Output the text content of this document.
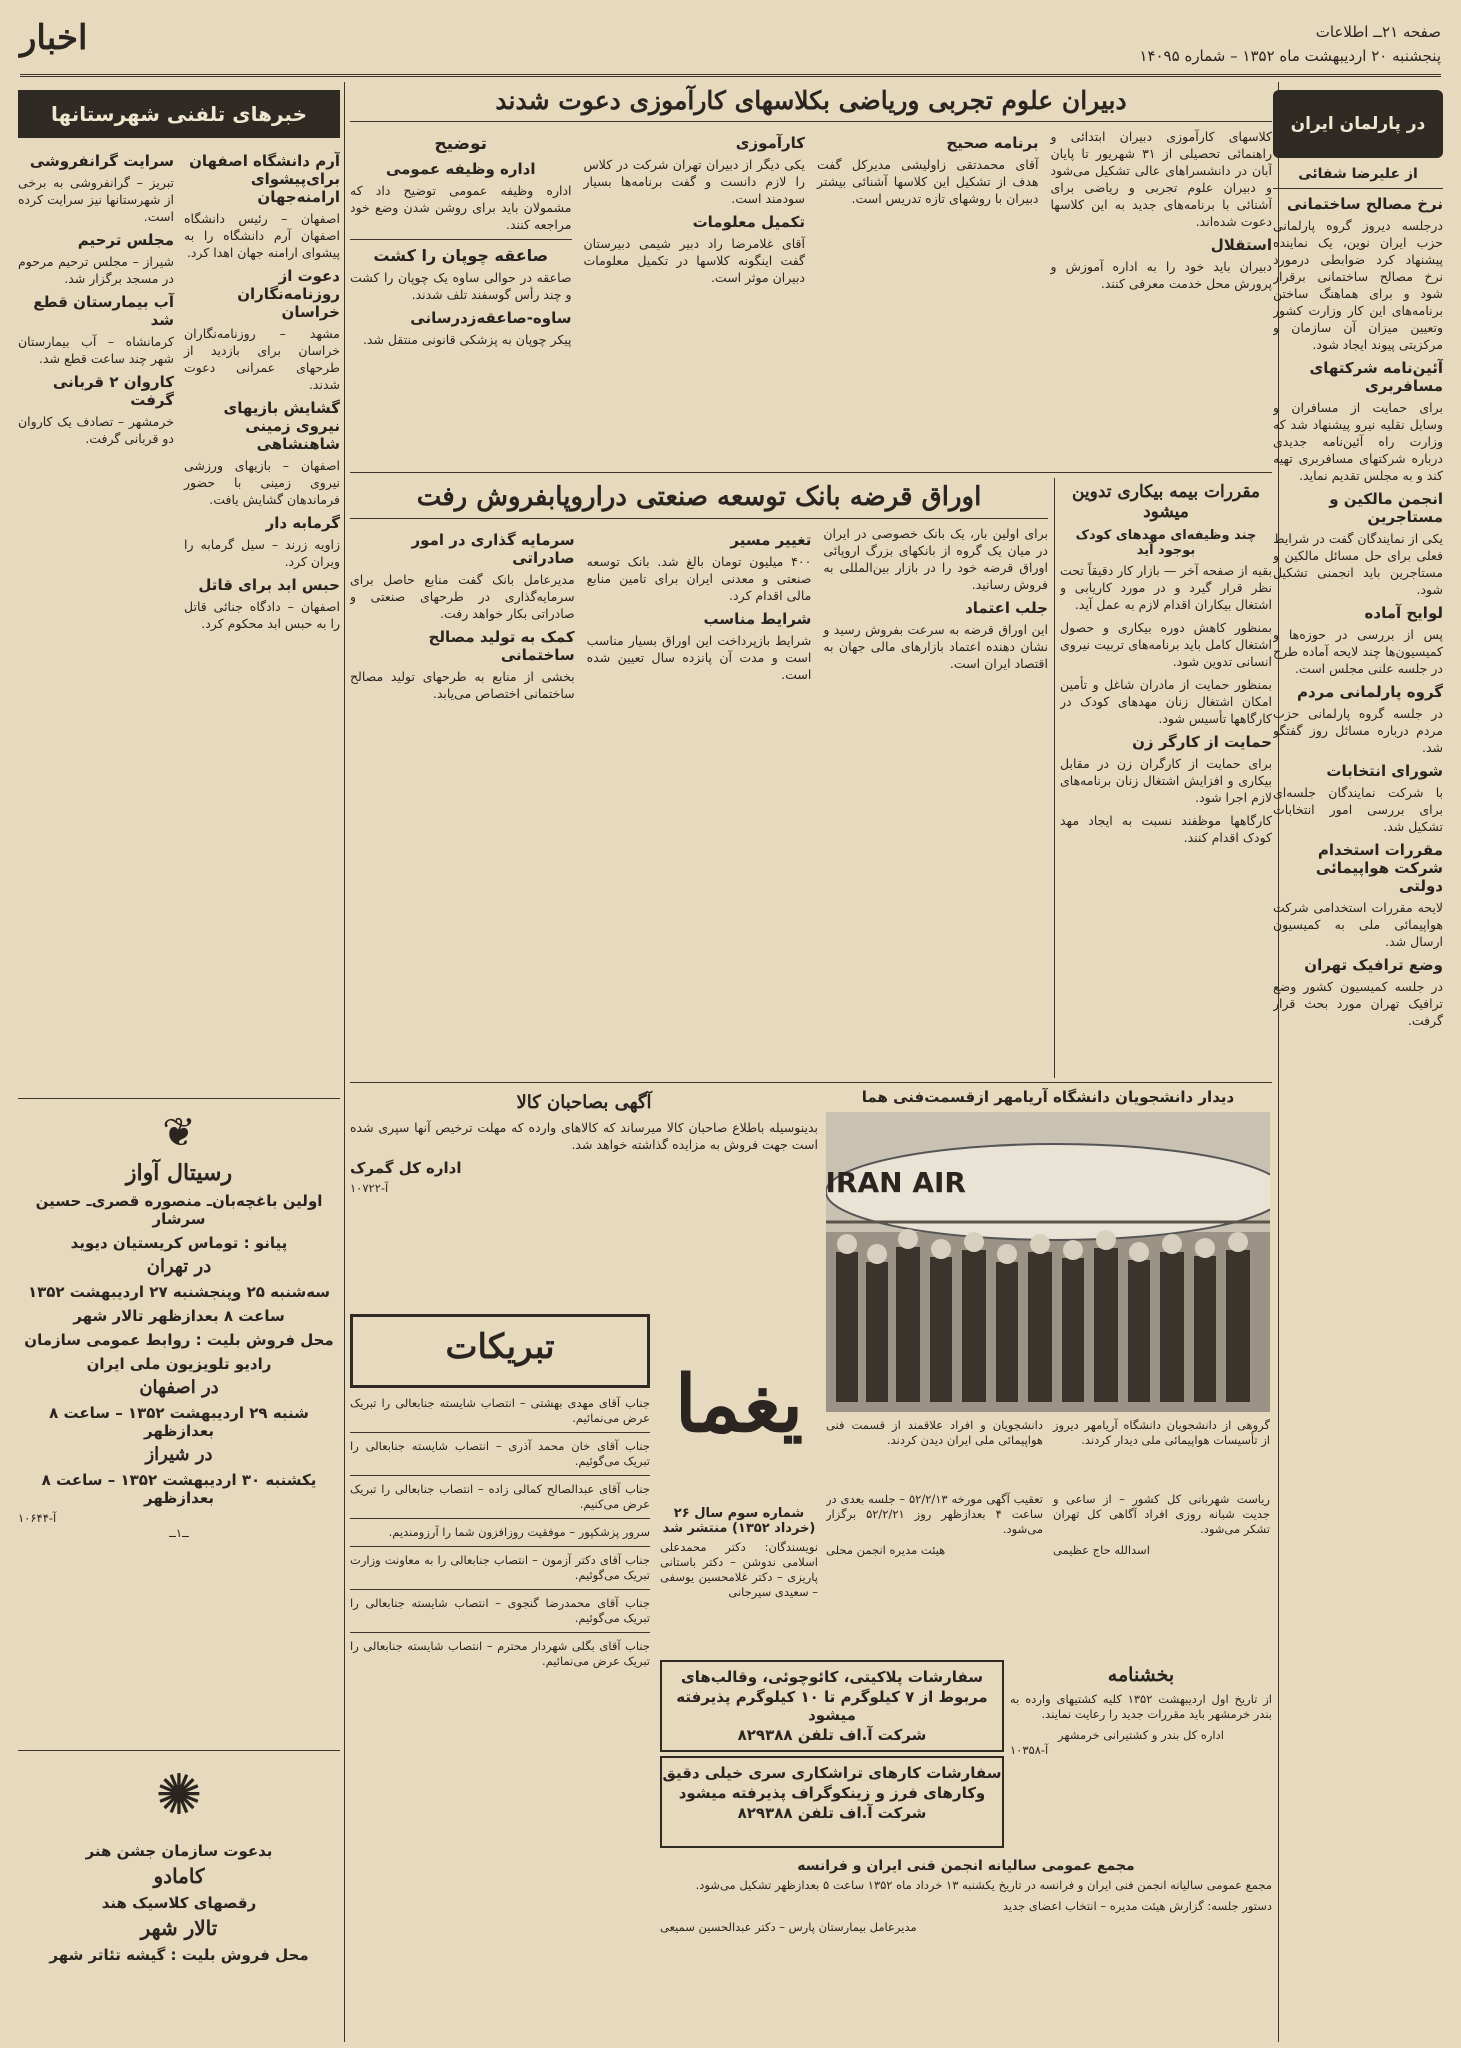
صفحه ۲۱ــ اطلاعات
پنجشنبه ۲۰ اردیبهشت ماه ۱۳۵۲ – شماره ۱۴۰۹۵
اخبار
در پارلمان ایران
از علیرضا شفائی
نرخ مصالح ساختمانی

درجلسه دیروز گروه پارلمانی حزب ایران نوین، یک نماینده پیشنهاد کرد ضوابطی درمورد نرخ مصالح ساختمانی برقرار شود و برای هماهنگ ساختن برنامه‌های این کار وزارت کشور وتعیین میزان آن سازمان و مرکزیتی پیوند ایجاد شود.

آئین‌نامه شرکتهای مسافربری

برای حمایت از مسافران و وسایل نقلیه نیرو پیشنهاد شد که وزارت راه آئین‌نامه جدیدی درباره شرکتهای مسافربری تهیه کند و به مجلس تقدیم نماید.

انجمن مالکین و مستاجرین

یکی از نمایندگان گفت در شرایط فعلی برای حل مسائل مالکین و مستاجرین باید انجمنی تشکیل شود.

لوایح آماده

پس از بررسی در حوزه‌ها و کمیسیون‌ها چند لایحه آماده طرح در جلسه علنی مجلس است.

گروه پارلمانی مردم

در جلسه گروه پارلمانی حزب مردم درباره مسائل روز گفتگو شد.

شورای انتخابات

با شرکت نمایندگان جلسه‌ای برای بررسی امور انتخابات تشکیل شد.

مقررات استخدام شرکت هواپیمائی دولتی

لایحه مقررات استخدامی شرکت هواپیمائی ملی به کمیسیون ارسال شد.

وضع ترافیک تهران

در جلسه کمیسیون کشور وضع ترافیک تهران مورد بحث قرار گرفت.

دبیران علوم تجربی وریاضی بکلاسهای کارآموزی دعوت شدند

کلاسهای کارآموزی دبیران ابتدائی و راهنمائی تحصیلی از ۳۱ شهریور تا پایان آبان در دانشسراهای عالی تشکیل می‌شود و دبیران علوم تجربی و ریاضی برای آشنائی با برنامه‌های جدید به این کلاسها دعوت شده‌اند.

استقلال

دبیران باید خود را به اداره آموزش و پرورش محل خدمت معرفی کنند.

برنامه صحیح

آقای محمدتقی زاولیشی مدیرکل گفت هدف از تشکیل این کلاسها آشنائی بیشتر دبیران با روشهای تازه تدریس است.

کارآموزی

یکی دیگر از دبیران تهران شرکت در کلاس را لازم دانست و گفت برنامه‌ها بسیار سودمند است.

تکمیل معلومات

آقای غلامرضا راد دبیر شیمی دبیرستان گفت اینگونه کلاسها در تکمیل معلومات دبیران موثر است.

توضیح
اداره وظیفه عمومی

اداره وظیفه عمومی توضیح داد که مشمولان باید برای روشن شدن وضع خود مراجعه کنند.

صاعقه چوپان را کشت

صاعقه در حوالی ساوه یک چوپان را کشت و چند رأس گوسفند تلف شدند.

ساوه-صاعقه‌زدرسانی

پیکر چوپان به پزشکی قانونی منتقل شد.

مقررات بیمه بیکاری تدوین میشود
چند وظیفه‌ای مهدهای کودک بوجود آید

بقیه از صفحه آخر — بازار کار دقیقاً تحت نظر قرار گیرد و در مورد کاریابی و اشتغال بیکاران اقدام لازم به عمل آید.

بمنظور کاهش دوره بیکاری و حصول اشتغال کامل باید برنامه‌های تربیت نیروی انسانی تدوین شود.

بمنظور حمایت از مادران شاغل و تأمین امکان اشتغال زنان مهدهای کودک در کارگاهها تأسیس شود.

حمایت از کارگر زن

برای حمایت از کارگران زن در مقابل بیکاری و افزایش اشتغال زنان برنامه‌های لازم اجرا شود.

کارگاهها موظفند نسبت به ایجاد مهد کودک اقدام کنند.

اوراق قرضه بانک توسعه صنعتی دراروپابفروش رفت

برای اولین بار، یک بانک خصوصی در ایران در میان یک گروه از بانکهای بزرگ اروپائی اوراق قرضه خود را در بازار بین‌المللی به فروش رسانید.

جلب اعتماد

این اوراق قرضه به سرعت بفروش رسید و نشان دهنده اعتماد بازارهای مالی جهان به اقتصاد ایران است.

تغییر مسیر

۴۰۰ میلیون تومان بالغ شد. بانک توسعه صنعتی و معدنی ایران برای تامین منابع مالی اقدام کرد.

شرایط مناسب

شرایط بازپرداخت این اوراق بسیار مناسب است و مدت آن پانزده سال تعیین شده است.

سرمایه گذاری در امور صادراتی

مدیرعامل بانک گفت منابع حاصل برای سرمایه‌گذاری در طرحهای صنعتی و صادراتی بکار خواهد رفت.

کمک به تولید مصالح ساختمانی

بخشی از منابع به طرحهای تولید مصالح ساختمانی اختصاص می‌یابد.

دیدار دانشجویان دانشگاه آریامهر ازقسمت‌فنی هما
IRAN AIR

گروهی از دانشجویان دانشگاه آریامهر دیروز از تأسیسات هواپیمائی ملی دیدار کردند.

دانشجویان و افراد علاقمند از قسمت فنی هواپیمائی ملی ایران دیدن کردند.

آگهی بصاحبان کالا

بدینوسیله باطلاع صاحبان کالا میرساند که کالاهای وارده که مهلت ترخیص آنها سپری شده است جهت فروش به مزایده گذاشته خواهد شد.

اداره کل گمرک
آ-۱۰۷۲۲
تبریکات

جناب آقای مهدی بهشتی – انتصاب شایسته جنابعالی را تبریک عرض می‌نمائیم.

جناب آقای خان محمد آذری – انتصاب شایسته جنابعالی را تبریک می‌گوئیم.

جناب آقای عبدالصالح کمالی زاده – انتصاب جنابعالی را تبریک عرض می‌کنیم.

سرور پزشکپور – موفقیت روزافزون شما را آرزومندیم.

جناب آقای دکتر آزمون – انتصاب جنابعالی را به معاونت وزارت تبریک می‌گوئیم.

جناب آقای محمدرضا گنجوی – انتصاب شایسته جنابعالی را تبریک می‌گوئیم.

جناب آقای بگلی شهردار محترم – انتصاب شایسته جنابعالی را تبریک عرض می‌نمائیم.

یغما
شماره سوم سال ۲۶ (خرداد ۱۳۵۲) منتشر شد

نویسندگان: دکتر محمدعلی اسلامی ندوشن – دکتر باستانی پاریزی – دکتر غلامحسین یوسفی – سعیدی سیرجانی

ریاست شهربانی کل کشور – از ساعی و جدیت شبانه روزی افراد آگاهی کل تهران تشکر می‌شود.

اسدالله حاج عظیمی

تعقیب آگهی مورخه ۵۲/۲/۱۳ – جلسه بعدی در ساعت ۴ بعدازظهر روز ۵۲/۲/۲۱ برگزار می‌شود.

هیئت مدیره انجمن محلی
سفارشات پلاکیتی، کائوچوئی، وقالب‌های
مربوط از ۷ کیلوگرم تا ۱۰ کیلوگرم پذیرفته میشود
شرکت آ.اف تلفن ۸۲۹۳۸۸
سفارشات کارهای تراشکاری سری خیلی دقیق
وکارهای فرز و زینکوگراف پذیرفته میشود
شرکت آ.اف تلفن ۸۲۹۳۸۸
بخشنامه

از تاریخ اول اردیبهشت ۱۳۵۲ کلیه کشتیهای وارده به بندر خرمشهر باید مقررات جدید را رعایت نمایند.

اداره کل بندر و کشتیرانی خرمشهر
آ-۱۰۳۵۸
مجمع عمومی سالیانه انجمن فنی ایران و فرانسه

مجمع عمومی سالیانه انجمن فنی ایران و فرانسه در تاریخ یکشنبه ۱۳ خرداد ماه ۱۳۵۲ ساعت ۵ بعدازظهر تشکیل می‌شود.

دستور جلسه: گزارش هیئت مدیره – انتخاب اعضای جدید

مدیرعامل بیمارستان پارس – دکتر عبدالحسین سمیعی
خبرهای تلفنی شهرستانها
آرم دانشگاه اصفهان برای‌پیشوای ارامنه‌جهان

اصفهان – رئیس دانشگاه اصفهان آرم دانشگاه را به پیشوای ارامنه جهان اهدا کرد.

دعوت از روزنامه‌نگاران خراسان

مشهد – روزنامه‌نگاران خراسان برای بازدید از طرحهای عمرانی دعوت شدند.

گشایش بازیهای نیروی زمینی شاهنشاهی

اصفهان – بازیهای ورزشی نیروی زمینی با حضور فرماندهان گشایش یافت.

گرمابه دار

زاویه زرند – سیل گرمابه را ویران کرد.

حبس ابد برای قاتل

اصفهان – دادگاه جنائی قاتل را به حبس ابد محکوم کرد.

سرایت گرانفروشی

تبریز – گرانفروشی به برخی از شهرستانها نیز سرایت کرده است.

مجلس ترحیم

شیراز – مجلس ترحیم مرحوم در مسجد برگزار شد.

آب بیمارستان قطع شد

کرمانشاه – آب بیمارستان شهر چند ساعت قطع شد.

کاروان ۲ قربانی گرفت

خرمشهر – تصادف یک کاروان دو قربانی گرفت.

❦
رسیتال آواز
اولین باغچه‌بان‌ـ منصوره قصری‌ـ حسین سرشار
پیانو : توماس کریستیان دیوید
در تهران
سه‌شنبه ۲۵ وپنجشنبه ۲۷ اردیبهشت ۱۳۵۲
ساعت ۸ بعدازظهر تالار شهر
محل فروش بلیت : روابط عمومی سازمان
رادیو تلویزیون ملی ایران
در اصفهان
شنبه ۲۹ اردیبهشت ۱۳۵۲ – ساعت ۸ بعدازظهر
در شیراز
یکشنبه ۳۰ اردیبهشت ۱۳۵۲ – ساعت ۸ بعدازظهر
آ-۱۰۶۴۴
ــ۱ــ
✺
بدعوت سازمان جشن هنر
کامادو
رقصهای کلاسیک هند
تالار شهر
محل فروش بلیت : گیشه تئاتر شهر
